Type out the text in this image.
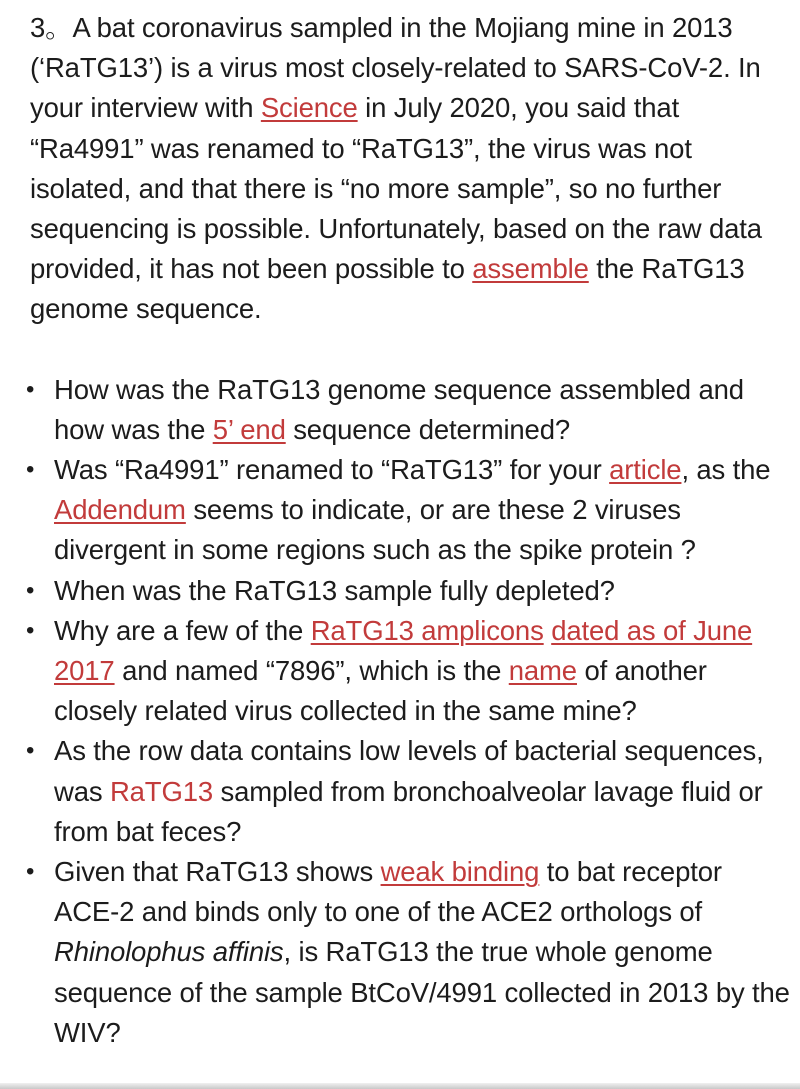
3。A bat coronavirus sampled in the Mojiang mine in 2013 (‘RaTG13’) is a virus most closely-related to SARS-CoV-2. In your interview with Science in July 2020, you said that “Ra4991” was renamed to “RaTG13”, the virus was not isolated, and that there is “no more sample”, so no further sequencing is possible. Unfortunately, based on the raw data provided, it has not been possible to assemble the RaTG13 genome sequence.

• How was the RaTG13 genome sequence assembled and how was the 5’ end sequence determined?
• Was “Ra4991” renamed to “RaTG13” for your article, as the Addendum seems to indicate, or are these 2 viruses divergent in some regions such as the spike protein ?
• When was the RaTG13 sample fully depleted?
• Why are a few of the RaTG13 amplicons dated as of June 2017 and named “7896”, which is the name of another closely related virus collected in the same mine?
• As the row data contains low levels of bacterial sequences, was RaTG13 sampled from bronchoalveolar lavage fluid or from bat feces?
• Given that RaTG13 shows weak binding to bat receptor ACE-2 and binds only to one of the ACE2 orthologs of Rhinolophus affinis, is RaTG13 the true whole genome sequence of the sample BtCoV/4991 collected in 2013 by the WIV?
